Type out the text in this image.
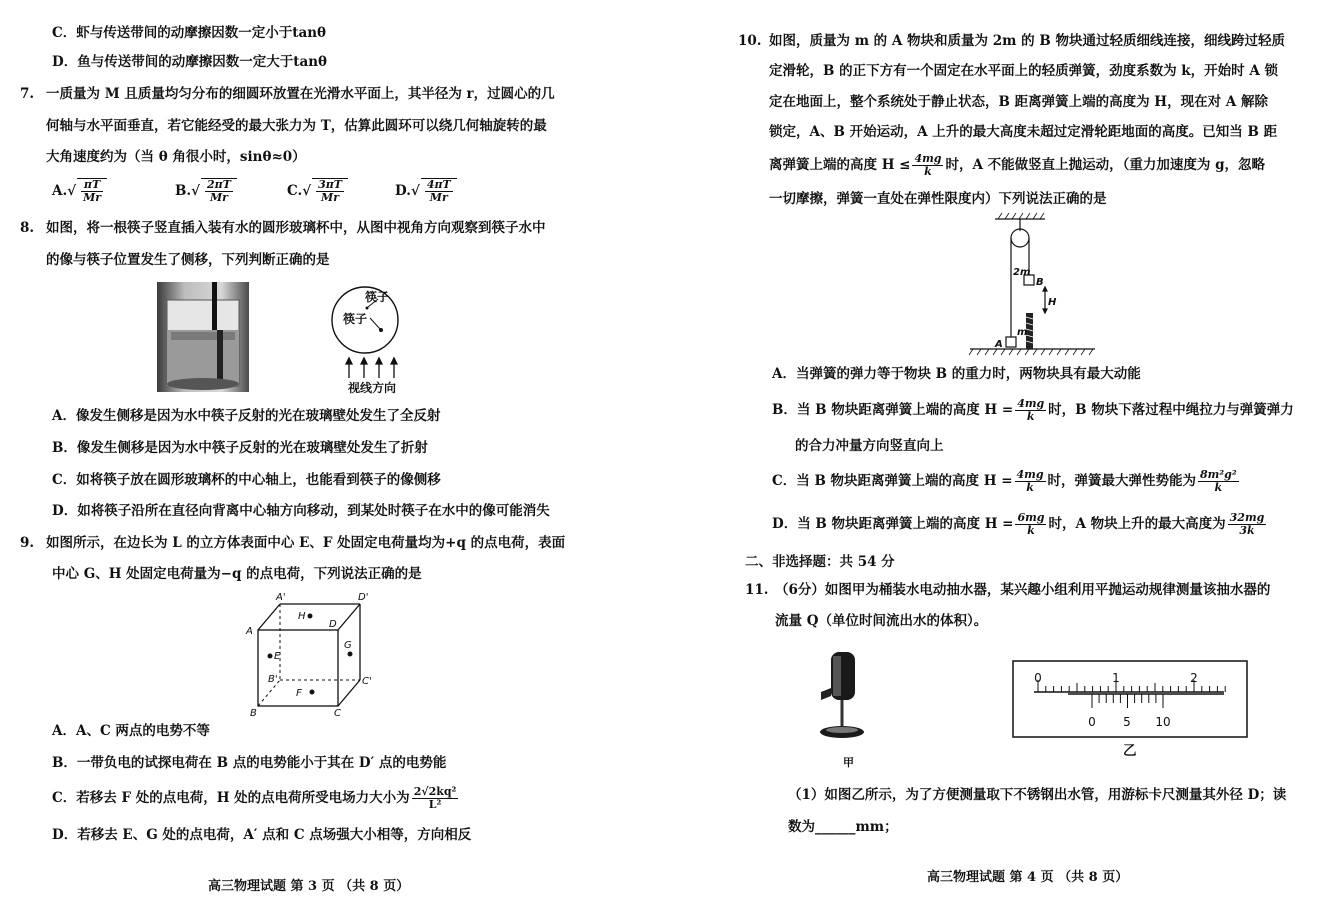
C．虾与传送带间的动摩擦因数一定小于tanθ
D．鱼与传送带间的动摩擦因数一定大于tanθ
7. 一质量为 M 且质量均匀分布的细圆环放置在光滑水平面上，其半径为 r，过圆心的几
何轴与水平面垂直，若它能经受的最大张力为 T，估算此圆环可以绕几何轴旋转的最
大角速度约为（当 θ 角很小时，sinθ≈0）
$A.√ \frac{\pi T}{Mr}$	$B.√ \frac{2\pi T}{Mr}$	$C.√ \frac{3\pi T}{Mr}$	$D.√ \frac{4\pi T}{Mr}$
8. 如图，将一根筷子竖直插入装有水的圆形玻璃杯中，从图中视角方向观察到筷子水中
的像与筷子位置发生了侧移，下列判断正确的是
筷子
筷子
视线方向
A．像发生侧移是因为水中筷子反射的光在玻璃壁处发生了全反射
B．像发生侧移是因为水中筷子反射的光在玻璃壁处发生了折射
C．如将筷子放在圆形玻璃杯的中心轴上，也能看到筷子的像侧移
D．如将筷子沿所在直径向背离中心轴方向移动，到某处时筷子在水中的像可能消失
9. 如图所示，在边长为 L 的立方体表面中心 E、F 处固定电荷量均为+q 的点电荷，表面
中心 G、H 处固定电荷量为−q 的点电荷，下列说法正确的是
A'	D'
H
A
D
E
G
B'	C'
F
B	C
A．A、C 两点的电势不等
B．一带负电的试探电荷在 B 点的电势能小于其在 D′ 点的电势能
C．若移去 F 处的点电荷，H 处的点电荷所受电场力大小为 $\frac{\text{2√2kq²}}{\text{L²}}$
D．若移去 E、G 处的点电荷，A′ 点和 C 点场强大小相等，方向相反
高三物理试题 第 3 页 （共 8 页）
10. 如图，质量为 m 的 A 物块和质量为 2m 的 B 物块通过轻质细线连接，细线跨过轻质
定滑轮，B 的正下方有一个固定在水平面上的轻质弹簧，劲度系数为 k，开始时 A 锁
定在地面上，整个系统处于静止状态，B 距离弹簧上端的高度为 H，现在对 A 解除
锁定，A、B 开始运动，A 上升的最大高度未超过定滑轮距地面的高度。已知当 B 距
离弹簧上端的高度 $H \le \frac{4mg}{k}$ 时，A 不能做竖直上抛运动，（重力加速度为 g，忽略
一切摩擦，弹簧一直处在弹性限度内）下列说法正确的是
2m
B
H
m
A
A．当弹簧的弹力等于物块 B 的重力时，两物块具有最大动能
B．当 B 物块距离弹簧上端的高度 $H = \frac{4mg}{k}$ 时，B 物块下落过程中绳拉力与弹簧弹力
的合力冲量方向竖直向上
C．当 B 物块距离弹簧上端的高度 $H = \frac{4mg}{k}$ 时，弹簧最大弹性势能为 $\frac{\text{8m²g²}}{k}$
D．当 B 物块距离弹簧上端的高度 $H = \frac{6mg}{k}$ 时，A 物块上升的最大高度为 $\frac{32mg}{3k}$
二、非选择题：共 54 分
11. （6分）如图甲为桶装水电动抽水器，某兴趣小组利用平抛运动规律测量该抽水器的
流量 Q（单位时间流出水的体积）。
甲
0	1	2
0 5 10
乙
（1）如图乙所示，为了方便测量取下不锈钢出水管，用游标卡尺测量其外径 D；读
数为______mm；
高三物理试题 第 4 页 （共 8 页）
